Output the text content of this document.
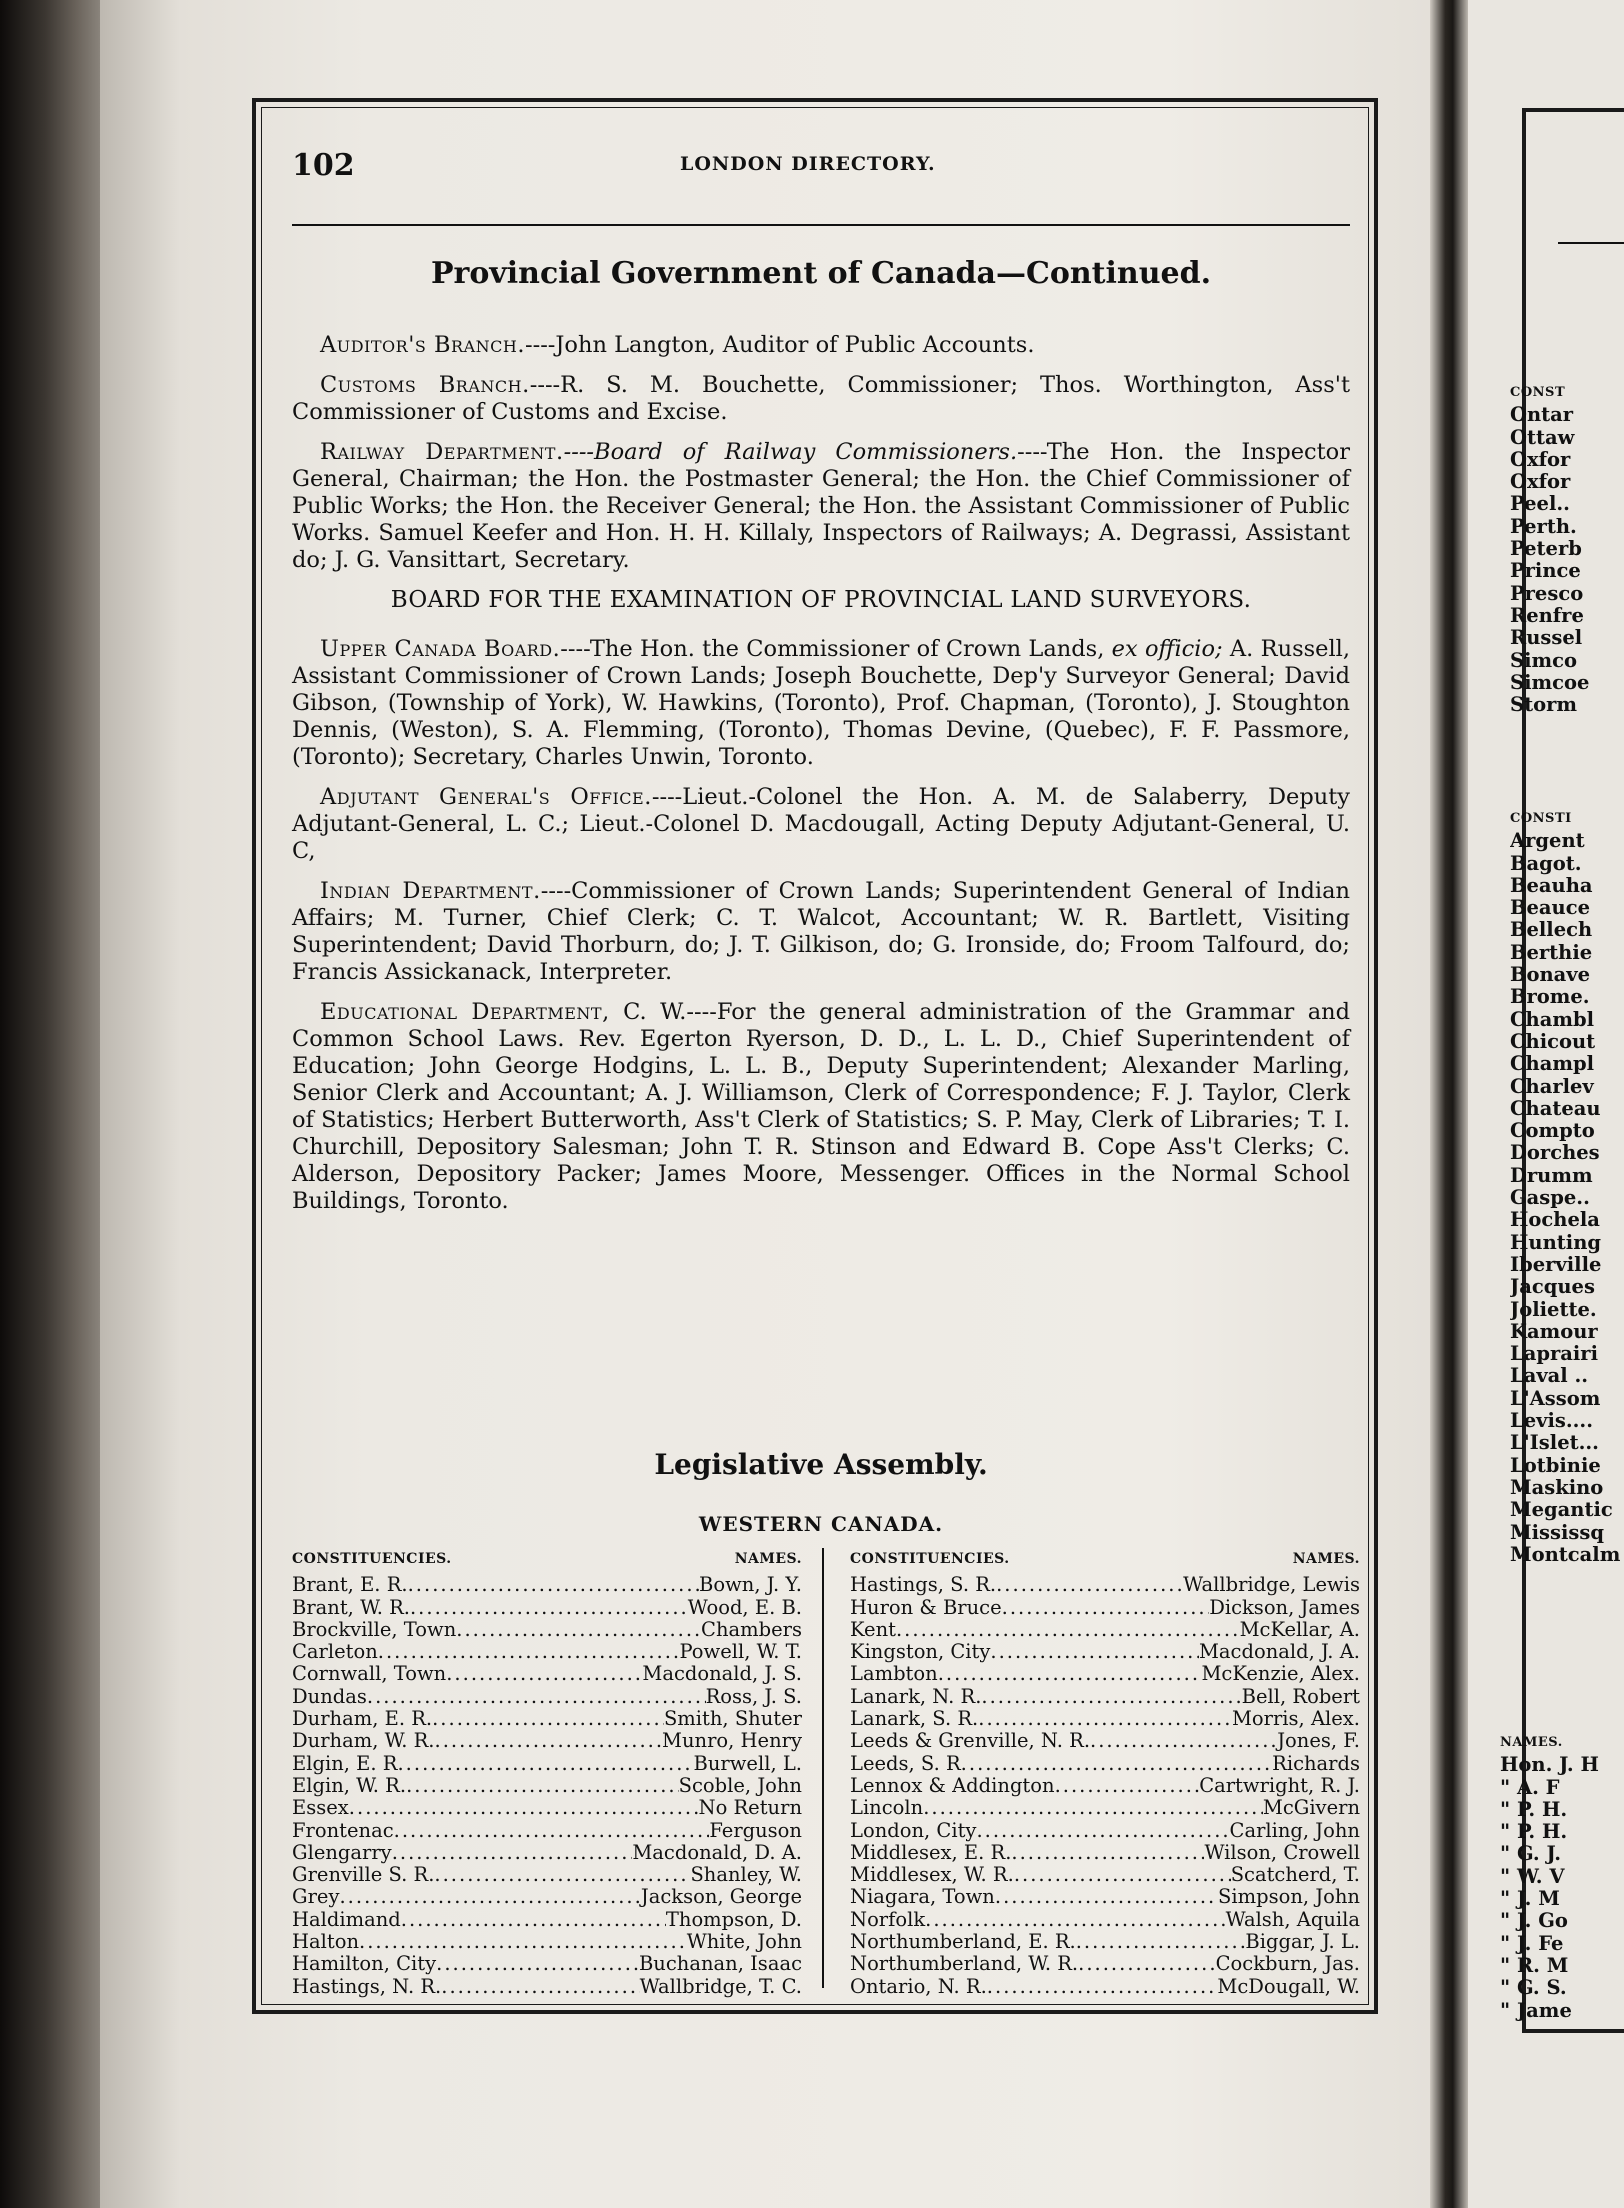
102	LONDON DIRECTORY.
Provincial Government of Canada—Continued.

Auditor's Branch.----John Langton, Auditor of Public Accounts.

Customs Branch.----R. S. M. Bouchette, Commissioner; Thos. Worthington, Ass't Commissioner of Customs and Excise.

Railway Department.----Board of Railway Commissioners.----The Hon. the Inspector General, Chairman; the Hon. the Postmaster General; the Hon. the Chief Commissioner of Public Works; the Hon. the Receiver General; the Hon. the Assistant Commissioner of Public Works. Samuel Keefer and Hon. H. H. Killaly, Inspectors of Railways; A. Degrassi, Assistant do; J. G. Vansittart, Secretary.

BOARD FOR THE EXAMINATION OF PROVINCIAL LAND SURVEYORS.

Upper Canada Board.----The Hon. the Commissioner of Crown Lands, ex officio; A. Russell, Assistant Commissioner of Crown Lands; Joseph Bouchette, Dep'y Surveyor General; David Gibson, (Township of York), W. Hawkins, (Toronto), Prof. Chapman, (Toronto), J. Stoughton Dennis, (Weston), S. A. Flemming, (Toronto), Thomas Devine, (Quebec), F. F. Passmore, (Toronto); Secretary, Charles Unwin, Toronto.

Adjutant General's Office.----Lieut.-Colonel the Hon. A. M. de Salaberry, Deputy Adjutant-General, L. C.; Lieut.-Colonel D. Macdougall, Acting Deputy Adjutant-General, U. C,

Indian Department.----Commissioner of Crown Lands; Superintendent General of Indian Affairs; M. Turner, Chief Clerk; C. T. Walcot, Accountant; W. R. Bartlett, Visiting Superintendent; David Thorburn, do; J. T. Gilkison, do; G. Ironside, do; Froom Talfourd, do; Francis Assickanack, Interpreter.

Educational Department, C. W.----For the general administration of the Grammar and Common School Laws. Rev. Egerton Ryerson, D. D., L. L. D., Chief Superintendent of Education; John George Hodgins, L. L. B., Deputy Superintendent; Alexander Marling, Senior Clerk and Accountant; A. J. Williamson, Clerk of Correspondence; F. J. Taylor, Clerk of Statistics; Herbert Butterworth, Ass't Clerk of Statistics; S. P. May, Clerk of Libraries; T. I. Churchill, Depository Salesman; John T. R. Stinson and Edward B. Cope Ass't Clerks; C. Alderson, Depository Packer; James Moore, Messenger. Offices in the Normal School Buildings, Toronto.

Legislative Assembly.
WESTERN CANADA.
CONSTITUENCIES.	NAMES.
Brant, E. R. .....	Bown, J. Y.
Brant, W. R. .....	Wood, E. B.
Brockville, Town .....	Chambers
Carleton .....	Powell, W. T.
Cornwall, Town .....	Macdonald, J. S.
Dundas .....	Ross, J. S.
Durham, E. R. .....	Smith, Shuter
Durham, W. R. .....	Munro, Henry
Elgin, E. R .....	Burwell, L.
Elgin, W. R. .....	Scoble, John
Essex .....	No Return
Frontenac .....	Ferguson
Glengarry .....	Macdonald, D. A.
Grenville S. R. .....	Shanley, W.
Grey .....	Jackson, George
Haldimand .....	Thompson, D.
Halton .....	White, John
Hamilton, City .....	Buchanan, Isaac
Hastings, N. R. .....	Wallbridge, T. C.
CONSTITUENCIES.	NAMES.
Hastings, S. R. .....	Wallbridge, Lewis
Huron & Bruce .....	Dickson, James
Kent .....	McKellar, A.
Kingston, City .....	Macdonald, J. A.
Lambton .....	McKenzie, Alex.
Lanark, N. R. .....	Bell, Robert
Lanark, S. R. .....	Morris, Alex.
Leeds & Grenville, N. R. .....	Jones, F.
Leeds, S. R .....	Richards
Lennox & Addington .....	Cartwright, R. J.
Lincoln .....	McGivern
London, City .....	Carling, John
Middlesex, E. R. .....	Wilson, Crowell
Middlesex, W. R. .....	Scatcherd, T.
Niagara, Town .....	Simpson, John
Norfolk .....	Walsh, Aquila
Northumberland, E. R. .....	Biggar, J. L.
Northumberland, W. R. .....	Cockburn, Jas.
Ontario, N. R. .....	McDougall, W.
CONST
Ontar
Ottaw
Oxfor
Oxfor
Peel..
Perth.
Peterb
Prince
Presco
Renfre
Russel
Simco
Simcoe
Storm
CONSTI
Argent
Bagot.
Beauha
Beauce
Bellech
Berthie
Bonave
Brome.
Chambl
Chicout
Champl
Charlev
Chateau
Compto
Dorches
Drumm
Gaspe..
Hochela
Hunting
Iberville
Jacques
Joliette.
Kamour
Laprairi
Laval ..
L'Assom
Levis....
L'Islet...
Lotbinie
Maskino
Megantic
Mississq
Montcalm
NAMES.
Hon. J. H
" A. F
" P. H.
" P. H.
" G. J.
" W. V
" J. M
" J. Go
" J. Fe
" R. M
" G. S.
" Jame
